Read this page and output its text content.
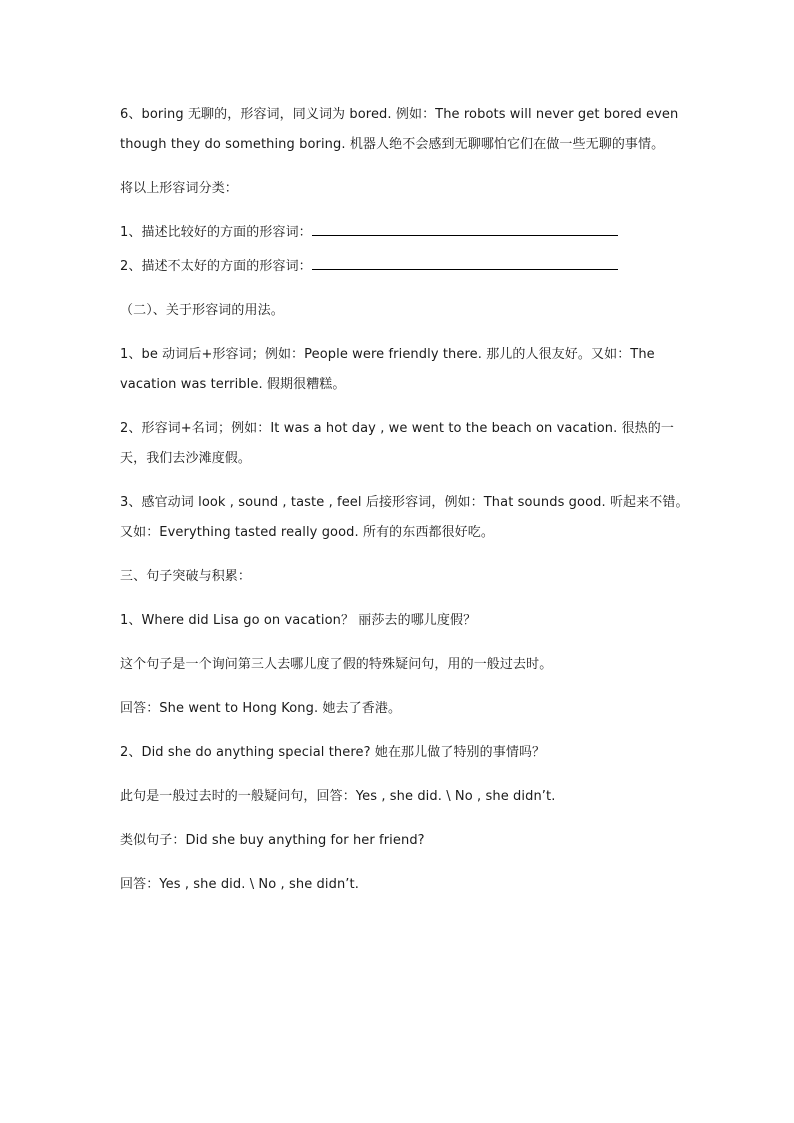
6、boring 无聊的，形容词，同义词为 bored. 例如：The robots will never get bored even though they do something boring. 机器人绝不会感到无聊哪怕它们在做一些无聊的事情。

将以上形容词分类：

1、描述比较好的方面的形容词：

2、描述不太好的方面的形容词：

（二）、关于形容词的用法。

1、be 动词后+形容词；例如：People were friendly there. 那儿的人很友好。又如：The vacation was terrible. 假期很糟糕。

2、形容词+名词；例如：It was a hot day , we went to the beach on vacation. 很热的一天，我们去沙滩度假。

3、感官动词 look , sound , taste , feel 后接形容词，例如：That sounds good. 听起来不错。又如：Everything tasted really good. 所有的东西都很好吃。

三、句子突破与积累：

1、Where did Lisa go on vacation？ 丽莎去的哪儿度假？

这个句子是一个询问第三人去哪儿度了假的特殊疑问句，用的一般过去时。

回答：She went to Hong Kong. 她去了香港。

2、Did she do anything special there? 她在那儿做了特别的事情吗？

此句是一般过去时的一般疑问句，回答：Yes , she did. \ No , she didn’t.

类似句子：Did she buy anything for her friend?

回答：Yes , she did. \ No , she didn’t.
